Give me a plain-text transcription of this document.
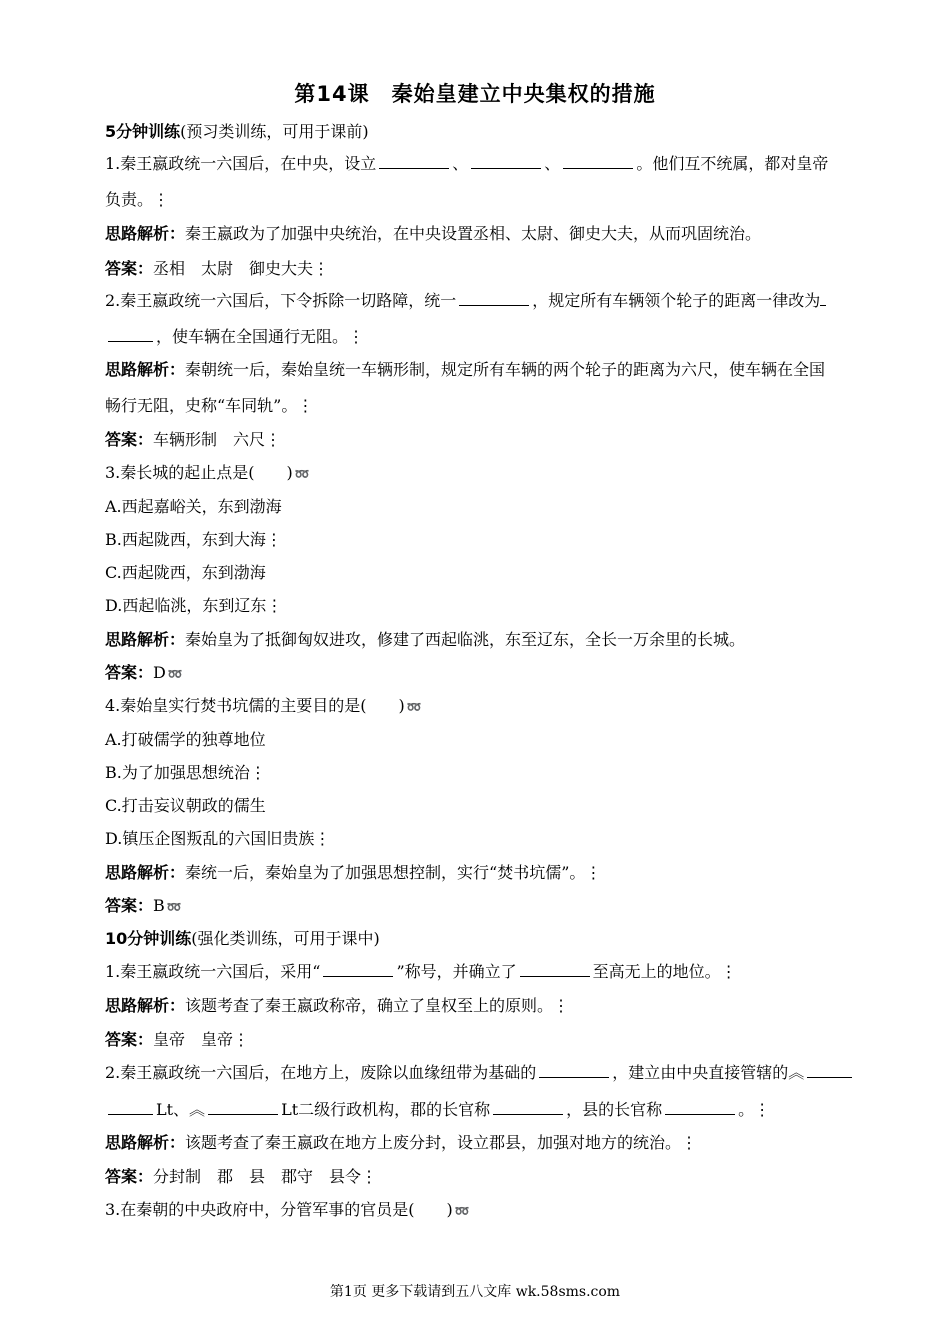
第14课　秦始皇建立中央集权的措施
5分钟训练(预习类训练，可用于课前)
1.秦王嬴政统一六国后，在中央，设立	、	、	。他们互不统属，都对皇帝
负责。⋮
思路解析：秦王嬴政为了加强中央统治，在中央设置丞相、太尉、御史大夫，从而巩固统治。
答案：丞相　太尉　御史大夫⋮
2.秦王嬴政统一六国后，下令拆除一切路障，统一	，规定所有车辆领个轮子的距离一律改为
，使车辆在全国通行无阻。⋮
思路解析：秦朝统一后，秦始皇统一车辆形制，规定所有车辆的两个轮子的距离为六尺，使车辆在全国
畅行无阻，史称“车同轨”。⋮
答案：车辆形制　六尺⋮
3.秦长城的起止点是(　　) ➿
A.西起嘉峪关，东到渤海
B.西起陇西，东到大海⋮
C.西起陇西，东到渤海
D.西起临洮，东到辽东⋮
思路解析：秦始皇为了抵御匈奴进攻，修建了西起临洮，东至辽东，全长一万余里的长城。
答案：D ➿
4.秦始皇实行焚书坑儒的主要目的是(　　) ➿
A.打破儒学的独尊地位
B.为了加强思想统治⋮
C.打击妄议朝政的儒生
D.镇压企图叛乱的六国旧贵族⋮
思路解析：秦统一后，秦始皇为了加强思想控制，实行“焚书坑儒”。⋮
答案：B ➿
10分钟训练(强化类训练，可用于课中)
1.秦王嬴政统一六国后，采用“	”称号，并确立了	至高无上的地位。⋮
思路解析：该题考查了秦王嬴政称帝，确立了皇权至上的原则。⋮
答案：皇帝　皇帝⋮
2.秦王嬴政统一六国后，在地方上，废除以血缘纽带为基础的	，建立由中央直接管辖的︽
Lt、︽	Lt二级行政机构，郡的长官称	，县的长官称	。⋮
思路解析：该题考查了秦王嬴政在地方上废分封，设立郡县，加强对地方的统治。⋮
答案：分封制　郡　县　郡守　县令⋮
3.在秦朝的中央政府中，分管军事的官员是(　　) ➿
第1页 更多下载请到五八文库 wk.58sms.com
